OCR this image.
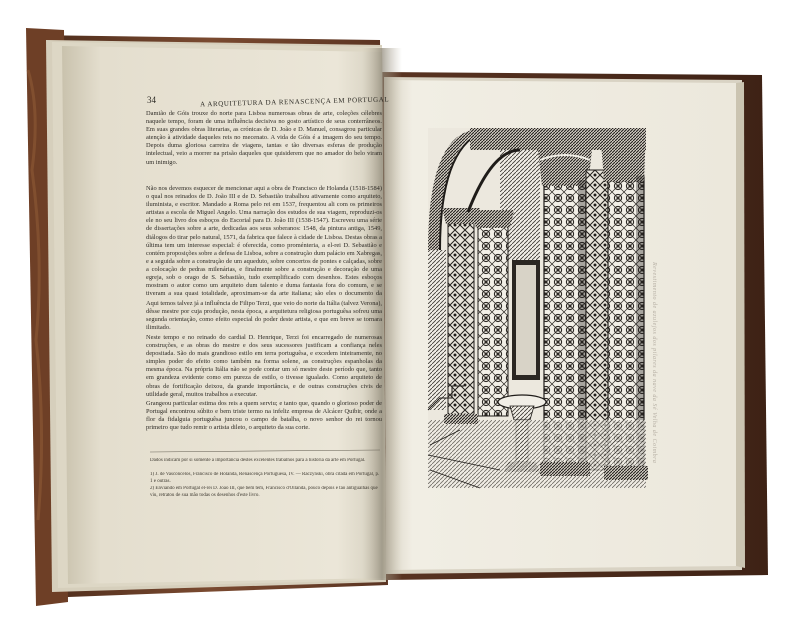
34	A ARQUITETURA DA RENASCENÇA EM PORTUGAL
Damião de Góis trouxe do norte para Lisboa numerosas obras de arte, coleções célebres naquele tempo, foram de uma influência decisiva no gosto artístico de seus conterrâneos. Em suas grandes obras literarias, as crónicas de D. João e D. Manuel, consagrou particular atenção à atividade daqueles reis no mecenato. A vida de Góis é a imagem do seu tempo. Depois duma gloriosa carreira de viagens, tantas e tão diversas esferas de produção intelectual, veio a morrer na prisão daqueles que quisiderem que no amador do belo viram um inimigo.
Não nos devemos esquecer de mencionar aqui a obra de Francisco de Holanda (1518-1584) o qual nos reinados de D. João III e de D. Sebastião trabalhou ativamente como arquiteto, iluminista, e escritor. Mandado a Roma pelo rei em 1537, frequentou ali com os primeiros artistas a escola de Miguel Angelo. Uma narração dos estudos de sua viagem, reproduzi-os ele no seu livro dos esboços do Escorial para D. João III (1538-1547). Escreveu uma série de dissertações sobre a arte, dedicadas aos seus soberanos: 1548, da pintura antiga, 1549, diálogos do tirar pelo natural, 1571, da fabrica que falece à cidade de Lisboa. Destas obras a última tem um interesse especial: é oferecida, como proménteria, a el-rei D. Sebastião e contém proposições sobre a defesa de Lisboa, sobre a construção dum palácio em Xabregas, e a seguida sobre a construção de um aqueduto, sobre concertos de pontes e calçadas, sobre a colocação de pedras milenárias, e finalmente sobre a construção e decoração de uma egreja, sob o orago de S. Sebastião, tudo exemplificado com desenhos. Estes esboços mostram o autor como um arquiteto dum talento e duma fantasia fora do comum, e se tiveram a sua quasi totalidade, aproximam-se da arte italiana; são eles o documento da
Aqui temos talvez já a influência de Filipo Terzi, que veio do norte da Itália (talvez Verona), dêsse mestre por cuja produção, nesta época, a arquitetura religiosa portuguêsa sofreu uma segunda orientação, como efeito especial do poder deste artista, e que em breve se tornara ilimitado.
Neste tempo e no reinado do cardial D. Henrique, Terzi foi encarregado de numerosas construções, e as obras do mestre e dos seus sucessores justificam a confiança neles depositada. São do mais grandioso estilo em terra portuguêsa, e excedem inteiramente, no simples poder do efeito como também na forma solene, as construções espanholas da mesma época. Na própria Itália não se pode contar um só mestre deste período que, tanto em grandeza evidente como em pureza de estilo, o tivesse igualado. Como arquiteto de obras de fortificação deixou, da grande importância, e de outras construções civis de utilidade geral, muitos trabalhos a executar.
Grangeou particular estima dos reis a quem serviu; e tanto que, quando o glorioso poder de Portugal encontrou súbito e bem triste termo na infeliz empresa de Alcácer Quibir, onde a flor da fidalguia portuguêsa juncou o campo de batalha, o novo senhor do rei tornou primeiro que tudo remir o artista dileto, o arquiteto da sua corte.
Dados indicam por si somente a importância dêstes excelentes trabalhos para a história da arte em Portugal.
1) J. de Vasconcelos, Francisco de Holanda, Renascença Portuguesa, IV. — Raczynski, obra citada em Portugal, p. 1 e outras.
2) Enviando em Portugal el-rei D. João III, que bem tem, Francisco d'Ollanda, pouco depois e tão antigualhas que viu, retratou de sua mão todas os desenhos d'este livro.
Revestimento de azulejos dos pilares da nave da Sé Velha de Coimbra
